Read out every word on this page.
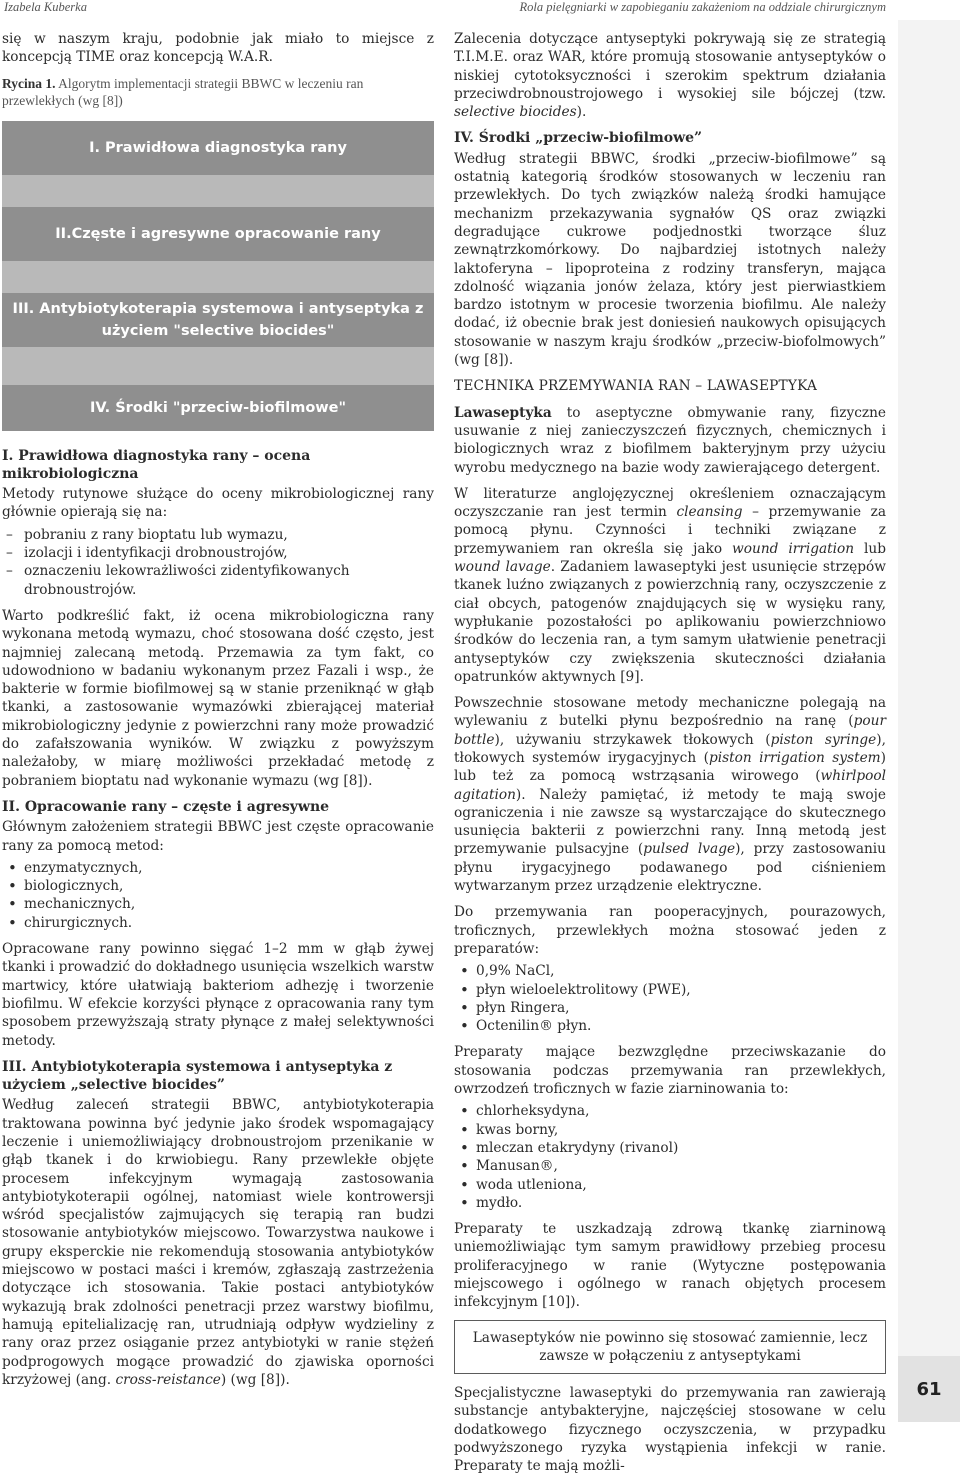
Izabela Kuberka	Rola pielęgniarki w zapobieganiu zakażeniom na oddziale chirurgicznym

się w naszym kraju, podobnie jak miało to miejsce z koncepcją TIME oraz koncepcją W.A.R.

Rycina 1. Algorytm implementacji strategii BBWC w leczeniu ran przewlekłych (wg [8])
I. Prawidłowa diagnostyka rany
II.Częste i agresywne opracowanie rany
III. Antybiotykoterapia systemowa i antyseptyka z użyciem "selective biocides"
IV. Środki "przeciw-biofilmowe"
I. Prawidłowa diagnostyka rany – ocena mikrobiologiczna

Metody rutynowe służące do oceny mikrobiologicznej rany głównie opierają się na:

– pobraniu z rany bioptatu lub wymazu,
– izolacji i identyfikacji drobnoustrojów,
– oznaczeniu lekowrażliwości zidentyfikowanych drobnoustrojów.

Warto podkreślić fakt, iż ocena mikrobiologiczna rany wykonana metodą wymazu, choć stosowana dość często, jest najmniej zalecaną metodą. Przemawia za tym fakt, co udowodniono w badaniu wykonanym przez Fazali i wsp., że bakterie w formie biofilmowej są w stanie przeniknąć w głąb tkanki, a zastosowanie wymazówki zbierającej materiał mikrobiologiczny jedynie z powierzchni rany może prowadzić do zafałszowania wyników. W związku z powyższym należałoby, w miarę możliwości przekładać metodę z pobraniem bioptatu nad wykonanie wymazu (wg [8]).

II. Opracowanie rany – częste i agresywne

Głównym założeniem strategii BBWC jest częste opracowanie rany za pomocą metod:

• enzymatycznych,
• biologicznych,
• mechanicznych,
• chirurgicznych.

Opracowane rany powinno sięgać 1–2 mm w głąb żywej tkanki i prowadzić do dokładnego usunięcia wszelkich warstw martwicy, które ułatwiają bakteriom adhezję i tworzenie biofilmu. W efekcie korzyści płynące z opracowania rany tym sposobem przewyższają straty płynące z małej selektywności metody.

III. Antybiotykoterapia systemowa i antyseptyka z użyciem „selective biocides”

Według zaleceń strategii BBWC, antybiotykoterapia traktowana powinna być jedynie jako środek wspomagający leczenie i uniemożliwiający drobnoustrojom przenikanie w głąb tkanek i do krwiobiegu. Rany przewlekłe objęte procesem infekcyjnym wymagają zastosowania antybiotykoterapii ogólnej, natomiast wiele kontrowersji wśród specjalistów zajmujących się terapią ran budzi stosowanie antybiotyków miejscowo. Towarzystwa naukowe i grupy eksperckie nie rekomendują stosowania antybiotyków miejscowo w postaci maści i kremów, zgłaszają zastrzeżenia dotyczące ich stosowania. Takie postaci antybiotyków wykazują brak zdolności penetracji przez warstwy biofilmu, hamują epitelializację ran, utrudniają odpływ wydzieliny z rany oraz przez osiąganie przez antybiotyki w ranie stężeń podprogowych mogące prowadzić do zjawiska oporności krzyżowej (ang. cross-reistance) (wg [8]).

Zalecenia dotyczące antyseptyki pokrywają się ze strategią T.I.M.E. oraz WAR, które promują stosowanie antyseptyków o niskiej cytotoksyczności i szerokim spektrum działania przeciwdrobnoustrojowego i wysokiej sile bójczej (tzw. selective biocides).

IV. Środki „przeciw-biofilmowe”

Według strategii BBWC, środki „przeciw-biofilmowe” są ostatnią kategorią środków stosowanych w leczeniu ran przewlekłych. Do tych związków należą środki hamujące mechanizm przekazywania sygnałów QS oraz związki degradujące cukrowe podjednostki tworzące śluz zewnątrzkomórkowy. Do najbardziej istotnych należy laktoferyna – lipoproteina z rodziny transferyn, mająca zdolność wiązania jonów żelaza, który jest pierwiastkiem bardzo istotnym w procesie tworzenia biofilmu. Ale należy dodać, iż obecnie brak jest doniesień naukowych opisujących stosowanie w naszym kraju środków „przeciw-biofolmowych” (wg [8]).

TECHNIKA PRZEMYWANIA RAN – LAWASEPTYKA

Lawaseptyka to aseptyczne obmywanie rany, fizyczne usuwanie z niej zanieczyszczeń fizycznych, chemicznych i biologicznych wraz z biofilmem bakteryjnym przy użyciu wyrobu medycznego na bazie wody zawierającego detergent.

W literaturze anglojęzycznej określeniem oznaczającym oczyszczanie ran jest termin cleansing – przemywanie za pomocą płynu. Czynności i techniki związane z przemywaniem ran określa się jako wound irrigation lub wound lavage. Zadaniem lawaseptyki jest usunięcie strzępów tkanek luźno związanych z powierzchnią rany, oczyszczenie z ciał obcych, patogenów znajdujących się w wysięku rany, wypłukanie pozostałości po aplikowaniu powierzchniowo środków do leczenia ran, a tym samym ułatwienie penetracji antyseptyków czy zwiększenia skuteczności działania opatrunków aktywnych [9].

Powszechnie stosowane metody mechaniczne polegają na wylewaniu z butelki płynu bezpośrednio na ranę (pour bottle), używaniu strzykawek tłokowych (piston syringe), tłokowych systemów irygacyjnych (piston irrigation system) lub też za pomocą wstrząsania wirowego (whirlpool agitation). Należy pamiętać, iż metody te mają swoje ograniczenia i nie zawsze są wystarczające do skutecznego usunięcia bakterii z powierzchni rany. Inną metodą jest przemywanie pulsacyjne (pulsed lvage), przy zastosowaniu płynu irygacyjnego podawanego pod ciśnieniem wytwarzanym przez urządzenie elektryczne.

Do przemywania ran pooperacyjnych, pourazowych, troficznych, przewlekłych można stosować jeden z preparatów:

• 0,9% NaCl,
• płyn wieloelektrolitowy (PWE),
• płyn Ringera,
• Octenilin® płyn.

Preparaty mające bezwzględne przeciwskazanie do stosowania podczas przemywania ran przewlekłych, owrzodzeń troficznych w fazie ziarninowania to:

• chlorheksydyna,
• kwas borny,
• mleczan etakrydyny (rivanol)
• Manusan®,
• woda utleniona,
• mydło.

Preparaty te uszkadzają zdrową tkankę ziarninową uniemożliwiając tym samym prawidłowy przebieg procesu proliferacyjnego w ranie (Wytyczne postępowania miejscowego i ogólnego w ranach objętych procesem infekcyjnym [10]).

Lawaseptyków nie powinno się stosować zamiennie, lecz zawsze w połączeniu z antyseptykami

Specjalistyczne lawaseptyki do przemywania ran zawierają substancje antybakteryjne, najczęściej stosowane w celu dodatkowego fizycznego oczyszczenia, w przypadku podwyższonego ryzyka wystąpienia infekcji w ranie. Preparaty te mają możli-

61
